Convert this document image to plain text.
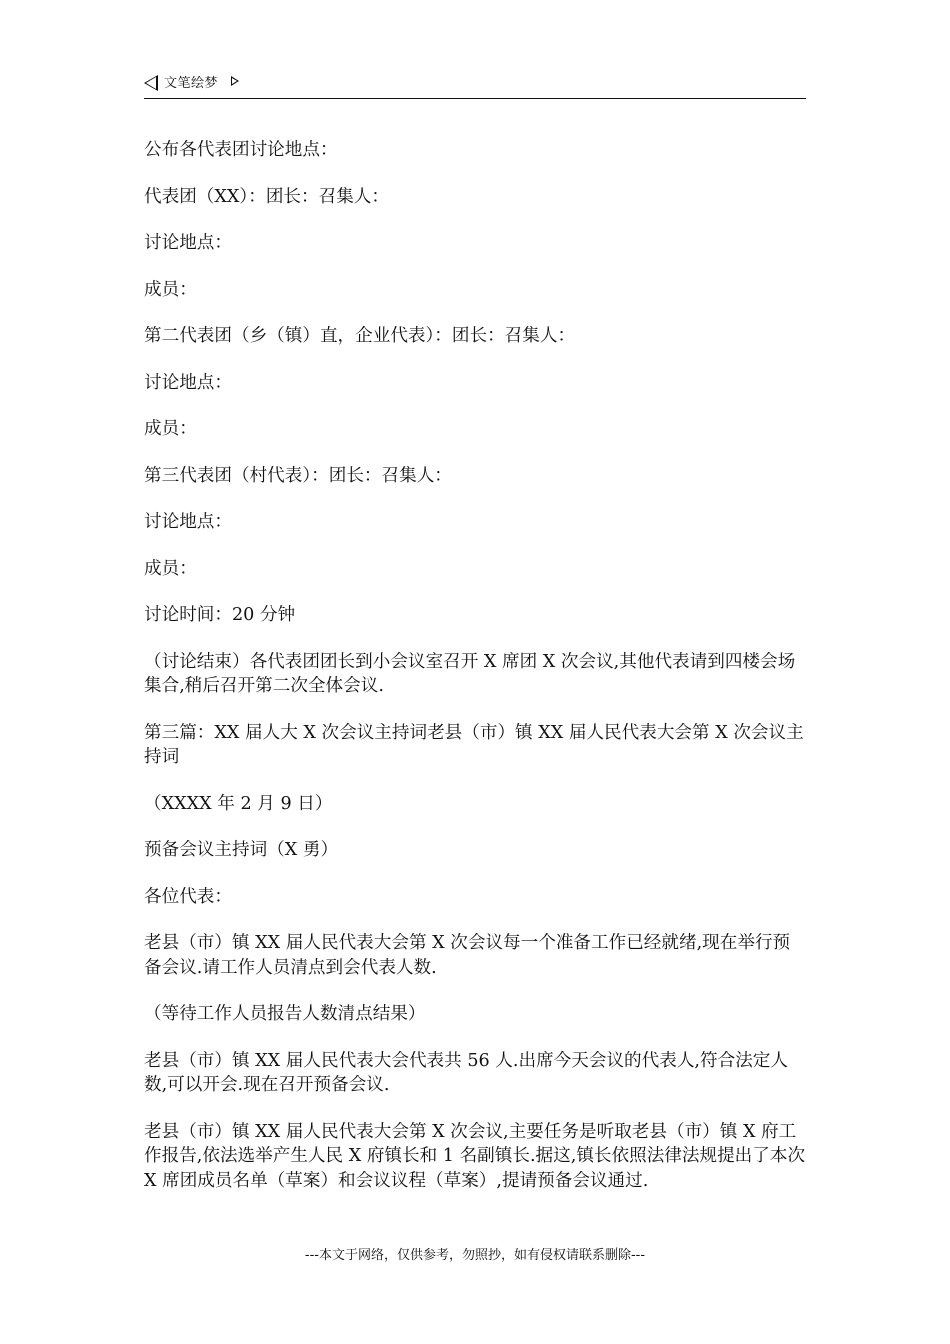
文笔绘梦

公布各代表团讨论地点：

代表团（XX）：团长：召集人：

讨论地点：

成员：

第二代表团（乡（镇）直，企业代表）：团长：召集人：

讨论地点：

成员：

第三代表团（村代表）：团长：召集人：

讨论地点：

成员：

讨论时间：20 分钟

（讨论结束）各代表团团长到小会议室召开 X 席团 X 次会议,其他代表请到四楼会场集合,稍后召开第二次全体会议.

第三篇：XX 届人大 X 次会议主持词老县（市）镇 XX 届人民代表大会第 X 次会议主持词

（XXXX 年 2 月 9 日）

预备会议主持词（X 勇）

各位代表：

老县（市）镇 XX 届人民代表大会第 X 次会议每一个准备工作已经就绪,现在举行预备会议.请工作人员清点到会代表人数.

（等待工作人员报告人数清点结果）

老县（市）镇 XX 届人民代表大会代表共 56 人.出席今天会议的代表人,符合法定人数,可以开会.现在召开预备会议.

老县（市）镇 XX 届人民代表大会第 X 次会议,主要任务是听取老县（市）镇 X 府工作报告,依法选举产生人民 X 府镇长和 1 名副镇长.据这,镇长依照法律法规提出了本次 X 席团成员名单（草案）和会议议程（草案）,提请预备会议通过.

---本文于网络，仅供参考，勿照抄，如有侵权请联系删除---
